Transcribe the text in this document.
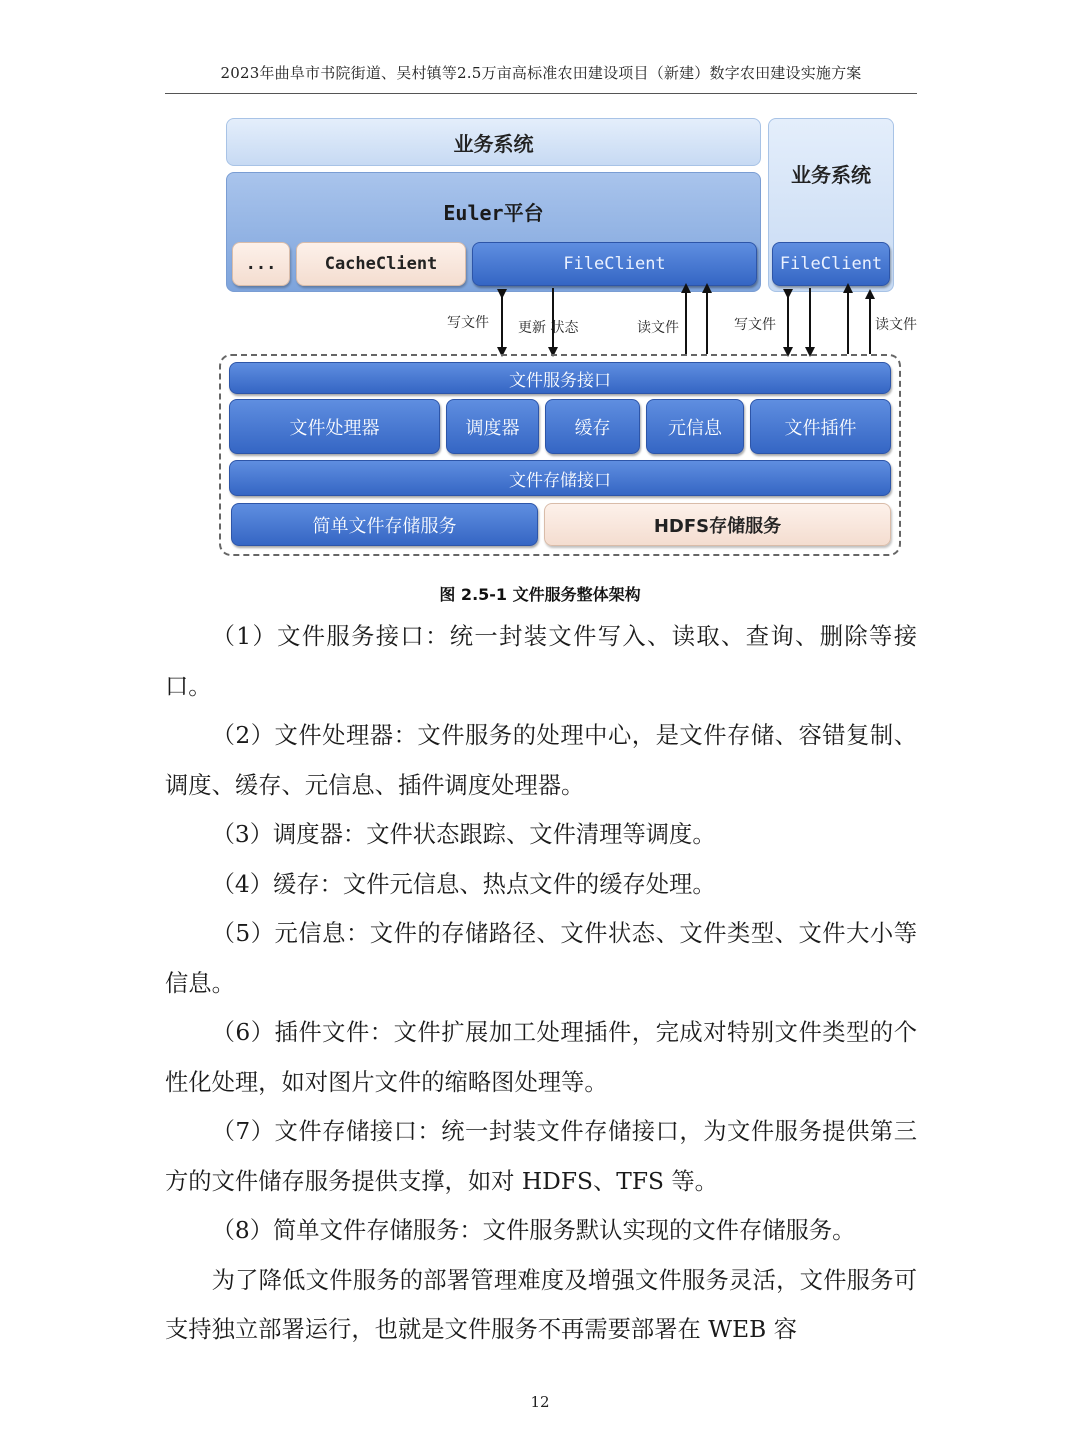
2023年曲阜市书院街道、吴村镇等2.5万亩高标准农田建设项目（新建）数字农田建设实施方案
业务系统
Euler平台
...	CacheClient	FileClient
业务系统
FileClient
写文件 更新 状态	读文件	写文件	读文件
文件服务接口
文件处理器	调度器	缓存	元信息	文件插件
文件存储接口
简单文件存储服务	HDFS存储服务
图 2.5-1 文件服务整体架构

（1）文件服务接口：统一封装文件写入、读取、查询、删除等接口。

（2）文件处理器：文件服务的处理中心，是文件存储、容错复制、调度、缓存、元信息、插件调度处理器。

（3）调度器：文件状态跟踪、文件清理等调度。

（4）缓存：文件元信息、热点文件的缓存处理。

（5）元信息：文件的存储路径、文件状态、文件类型、文件大小等信息。

（6）插件文件：文件扩展加工处理插件，完成对特别文件类型的个性化处理，如对图片文件的缩略图处理等。

（7）文件存储接口：统一封装文件存储接口，为文件服务提供第三方的文件储存服务提供支撑，如对 HDFS、TFS 等。

（8）简单文件存储服务：文件服务默认实现的文件存储服务。

为了降低文件服务的部署管理难度及增强文件服务灵活，文件服务可支持独立部署运行，也就是文件服务不再需要部署在 WEB 容

12
